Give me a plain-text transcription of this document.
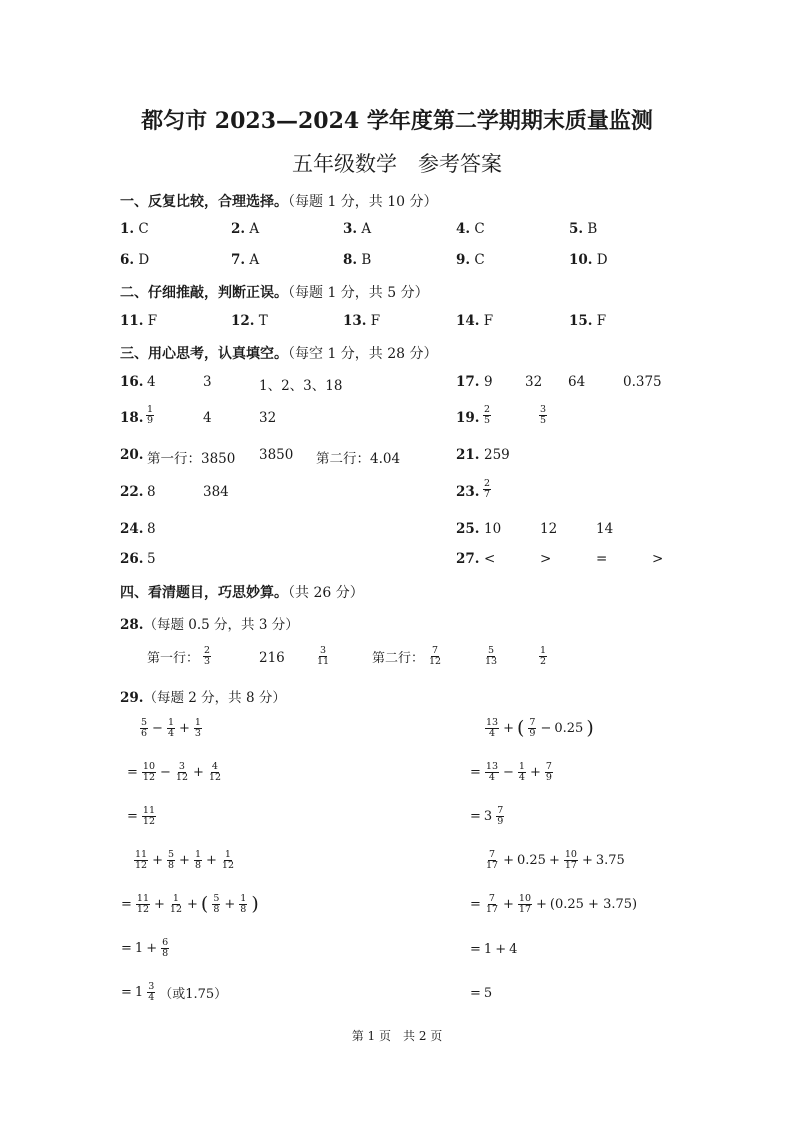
都匀市 2023—2024 学年度第二学期期末质量监测
五年级数学　参考答案
一、反复比较，合理选择。（每题 1 分，共 10 分）
1. C	2. A	3. A	4. C	5. B
6. D	7. A	8. B	9. C	10. D
二、仔细推敲，判断正误。（每题 1 分，共 5 分）
11. F	12. T	13. F	14. F	15. F
三、用心思考，认真填空。（每空 1 分，共 28 分）
16. 4	3	1、2、3、18	17. 9 32 64	0.375
18. $\frac{1}{9}$	4	32	19. $\frac{2}{5}$	$\frac{3}{5}$
20. 第一行：3850 3850 第二行：4.04	21. 259
22. 8	384	23. $\frac{2}{7}$
24. 8	25. 10	12	14
26. 5	27. <	>	=	>
四、看清题目，巧思妙算。（共 26 分）
28.（每题 0.5 分，共 3 分）
第一行： $\frac{2}{3}$	216	$\frac{3}{11}$	第二行： $\frac{7}{12}$	$\frac{5}{13}$	$\frac{1}{2}$
29.（每题 2 分，共 8 分）
$\frac{5}{6} - \frac{1}{4} + \frac{1}{3}$
= $\frac{10}{12} - \frac{3}{12} + \frac{4}{12}$
= $\frac{11}{12}$
$\frac{13}{4}$ + ( $\frac{7}{9} - 0.25$ )
= $\frac{13}{4} - \frac{1}{4} + \frac{7}{9}$
= $3 \frac{7}{9}$
$\frac{11}{12} + \frac{5}{8} + \frac{1}{8} + \frac{1}{12}$
= $\frac{11}{12} + \frac{1}{12}$ + ( $\frac{5}{8} + \frac{1}{8}$ )
= $1 + \frac{6}{8}$
= $1 \frac{3}{4}$ （或1.75）
$\frac{7}{17} + 0.25 + \frac{10}{17} + 3.75$
= $\frac{7}{17} + \frac{10}{17} + (0.25 + 3.75)$
= 1 + 4
= 5
第 1 页　共 2 页
